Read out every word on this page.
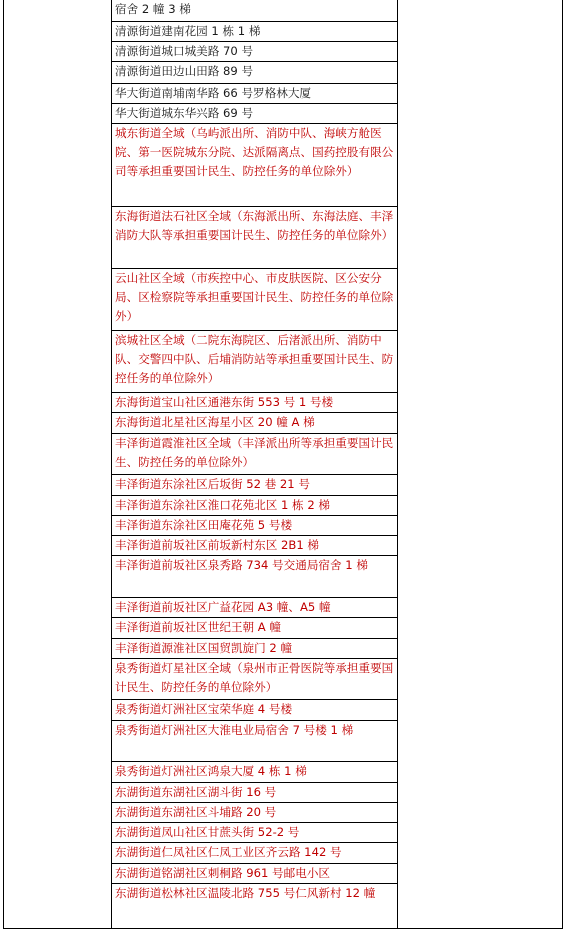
宿舍 2 幢 3 梯

清源街道建南花园 1 栋 1 梯

清源街道城口城美路 70 号

清源街道田边山田路 89 号

华大街道南埔南华路 66 号罗格林大厦

华大街道城东华兴路 69 号

城东街道全域（乌屿派出所、消防中队、海峡方舱医院、第一医院城东分院、达派隔离点、国药控股有限公司等承担重要国计民生、防控任务的单位除外）

东海街道法石社区全域（东海派出所、东海法庭、丰泽消防大队等承担重要国计民生、防控任务的单位除外）

云山社区全域（市疾控中心、市皮肤医院、区公安分局、区检察院等承担重要国计民生、防控任务的单位除外）

滨城社区全域（二院东海院区、后渚派出所、消防中队、交警四中队、后埔消防站等承担重要国计民生、防控任务的单位除外）

东海街道宝山社区通港东街 553 号 1 号楼

东海街道北星社区海星小区 20 幢 A 梯

丰泽街道霞淮社区全域（丰泽派出所等承担重要国计民生、防控任务的单位除外）

丰泽街道东涂社区后坂街 52 巷 21 号

丰泽街道东涂社区淮口花苑北区 1 栋 2 梯

丰泽街道东涂社区田庵花苑 5 号楼

丰泽街道前坂社区前坂新村东区 2B1 梯

丰泽街道前坂社区泉秀路 734 号交通局宿舍 1 梯

丰泽街道前坂社区广益花园 A3 幢、A5 幢

丰泽街道前坂社区世纪王朝 A 幢

丰泽街道源淮社区国贸凯旋门 2 幢

泉秀街道灯星社区全域（泉州市正骨医院等承担重要国计民生、防控任务的单位除外）

泉秀街道灯洲社区宝荣华庭 4 号楼

泉秀街道灯洲社区大淮电业局宿舍 7 号楼 1 梯

泉秀街道灯洲社区鸿泉大厦 4 栋 1 梯

东湖街道东湖社区湖斗街 16 号

东湖街道东湖社区斗埔路 20 号

东湖街道凤山社区甘蔗头街 52-2 号

东湖街道仁凤社区仁凤工业区齐云路 142 号

东湖街道铭湖社区刺桐路 961 号邮电小区

东湖街道松林社区温陵北路 755 号仁风新村 12 幢
